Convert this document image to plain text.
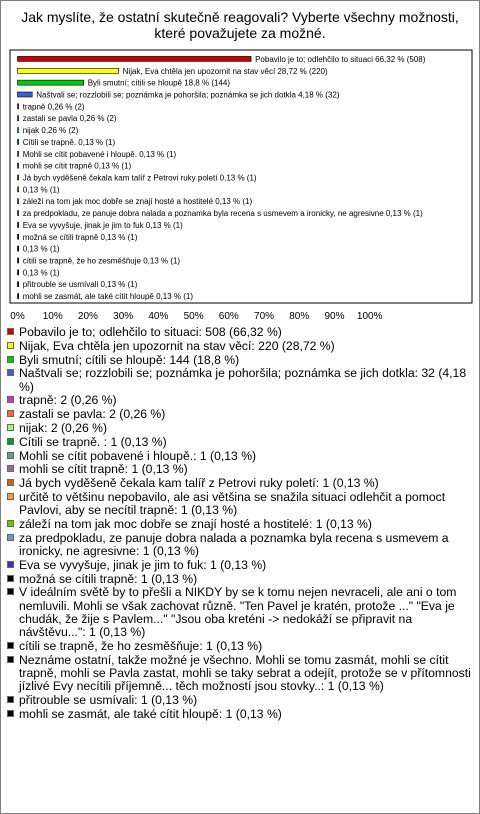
Jak myslíte, že ostatní skutečně reagovali? Vyberte všechny možnosti, které považujete za možné.
Pobavilo je to; odlehčilo to situaci 66,32 % (508)
Nijak, Eva chtěla jen upozornit na stav věcí 28,72 % (220)
Byli smutní; cítili se hloupě 18,8 % (144)
Naštvali se; rozzlobili se; poznámka je pohoršila; poznámka se jich dotkla 4,18 % (32)
trapně 0,26 % (2)
zastali se pavla 0,26 % (2)
nijak 0,26 % (2)
Cítili se trapně. 0,13 % (1)
Mohli se cítit pobavené i hloupě. 0,13 % (1)
mohli se cítit trapně 0,13 % (1)
Já bych vyděšeně čekala kam talíř z Petrovi ruky poletí 0,13 % (1)
0,13 % (1)
záleží na tom jak moc dobře se znají hosté a hostitelé 0,13 % (1)
za predpokladu, ze panuje dobra nalada a poznamka byla recena s usmevem a ironicky, ne agresivne 0,13 % (1)
Eva se vyvyšuje, jinak je jim to fuk 0,13 % (1)
možná se cítili trapně 0,13 % (1)
0,13 % (1)
cítili se trapně, že ho zesměšňuje 0,13 % (1)
0,13 % (1)
přitrouble se usmívali 0,13 % (1)
mohli se zasmát, ale také cítit hloupě 0,13 % (1)
0% 10% 20% 30% 40% 50% 60% 70% 80% 90% 100%
Pobavilo je to; odlehčilo to situaci: 508 (66,32 %)
Nijak, Eva chtěla jen upozornit na stav věcí: 220 (28,72 %)
Byli smutní; cítili se hloupě: 144 (18,8 %)
Naštvali se; rozzlobili se; poznámka je pohoršila; poznámka se jich dotkla: 32 (4,18 %)
trapně: 2 (0,26 %)
zastali se pavla: 2 (0,26 %)
nijak: 2 (0,26 %)
Cítili se trapně. : 1 (0,13 %)
Mohli se cítit pobavené i hloupě.: 1 (0,13 %)
mohli se cítit trapně: 1 (0,13 %)
Já bych vyděšeně čekala kam talíř z Petrovi ruky poletí: 1 (0,13 %)
určitě to většinu nepobavilo, ale asi většina se snažila situaci odlehčit a pomoct Pavlovi, aby se necítil trapně: 1 (0,13 %)
záleží na tom jak moc dobře se znají hosté a hostitelé: 1 (0,13 %)
za predpokladu, ze panuje dobra nalada a poznamka byla recena s usmevem a ironicky, ne agresivne: 1 (0,13 %)
Eva se vyvyšuje, jinak je jim to fuk: 1 (0,13 %)
možná se cítili trapně: 1 (0,13 %)
V ideálním světě by to přešli a NIKDY by se k tomu nejen nevraceli, ale ani o tom nemluvili. Mohli se však zachovat různě. "Ten Pavel je kratén, protože ..." "Eva je chudák, že žije s Pavlem..." "Jsou oba kreténi -> nedokáží se připravit na návštěvu...": 1 (0,13 %)
cítili se trapně, že ho zesměšňuje: 1 (0,13 %)
Neznáme ostatní, takže možné je všechno. Mohli se tomu zasmát, mohli se cítit trapně, mohli se Pavla zastat, mohli se taky sebrat a odejít, protože se v přítomnosti jízlivé Evy necítili příjemně... těch možností jsou stovky..: 1 (0,13 %)
přitrouble se usmívali: 1 (0,13 %)
mohli se zasmát, ale také cítit hloupě: 1 (0,13 %)
